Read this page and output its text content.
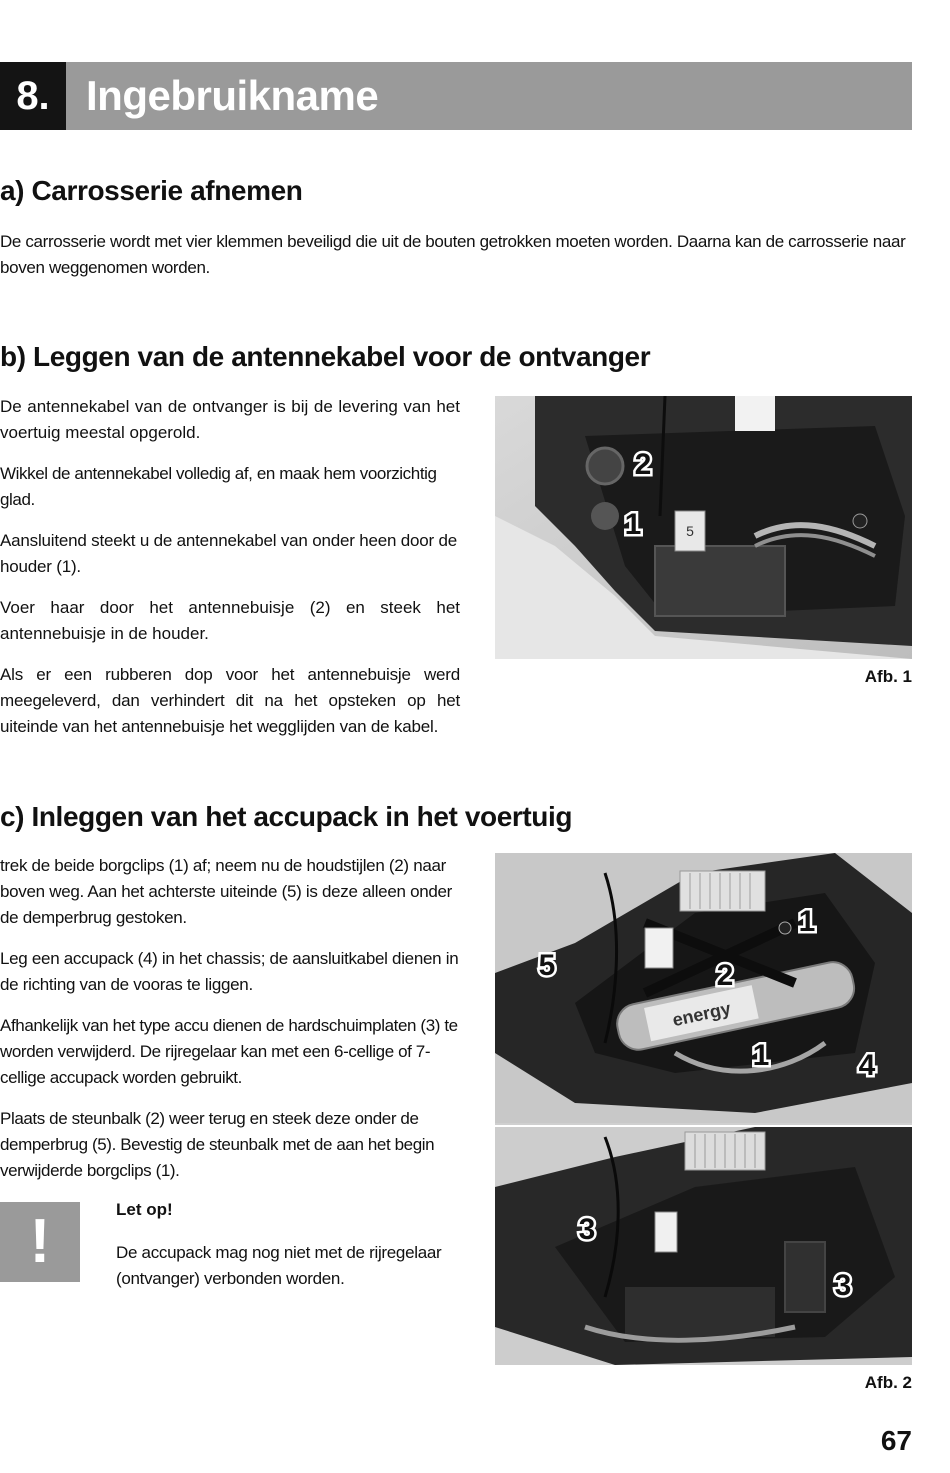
8. Ingebruikname
a) Carrosserie afnemen

De carrosserie wordt met vier klemmen beveiligd die uit de bouten getrokken moeten worden. Daarna kan de carrosserie naar boven weggenomen worden.

b) Leggen van de antennekabel voor de ontvanger

De antennekabel van de ontvanger is bij de levering van het voertuig meestal opgerold.

Wikkel de antennekabel volledig af, en maak hem voorzichtig glad.

Aansluitend steekt u de antennekabel van onder heen door de houder (1).

Voer haar door het antennebuisje (2) en steek het antennebuisje in de houder.

Als er een rubberen dop voor het antennebuisje werd meegeleverd, dan verhindert dit na het opsteken op het uiteinde van het antennebuisje het wegglijden van de kabel.

5
2
1
Afb. 1
c) Inleggen van het accupack in het voertuig

trek de beide borgclips (1) af; neem nu de houdstijlen (2) naar boven weg. Aan het achterste uiteinde (5) is deze alleen onder de demperbrug gestoken.

Leg een accupack (4) in het chassis; de aansluitkabel dienen in de richting van de vooras te liggen.

Afhankelijk van het type accu dienen de hardschuimplaten (3) te worden verwijderd. De rijregelaar kan met een 6-cellige of 7-cellige accupack worden gebruikt.

Plaats de steunbalk (2) weer terug en steek deze onder de demperbrug (5). Bevestig de steunbalk met de aan het begin verwijderde borgclips (1).

!	Let op!

De accupack mag nog niet met de rijregelaar (ontvanger) verbonden worden.

energy
1
5	2
1	4
3
3
Afb. 2
67
